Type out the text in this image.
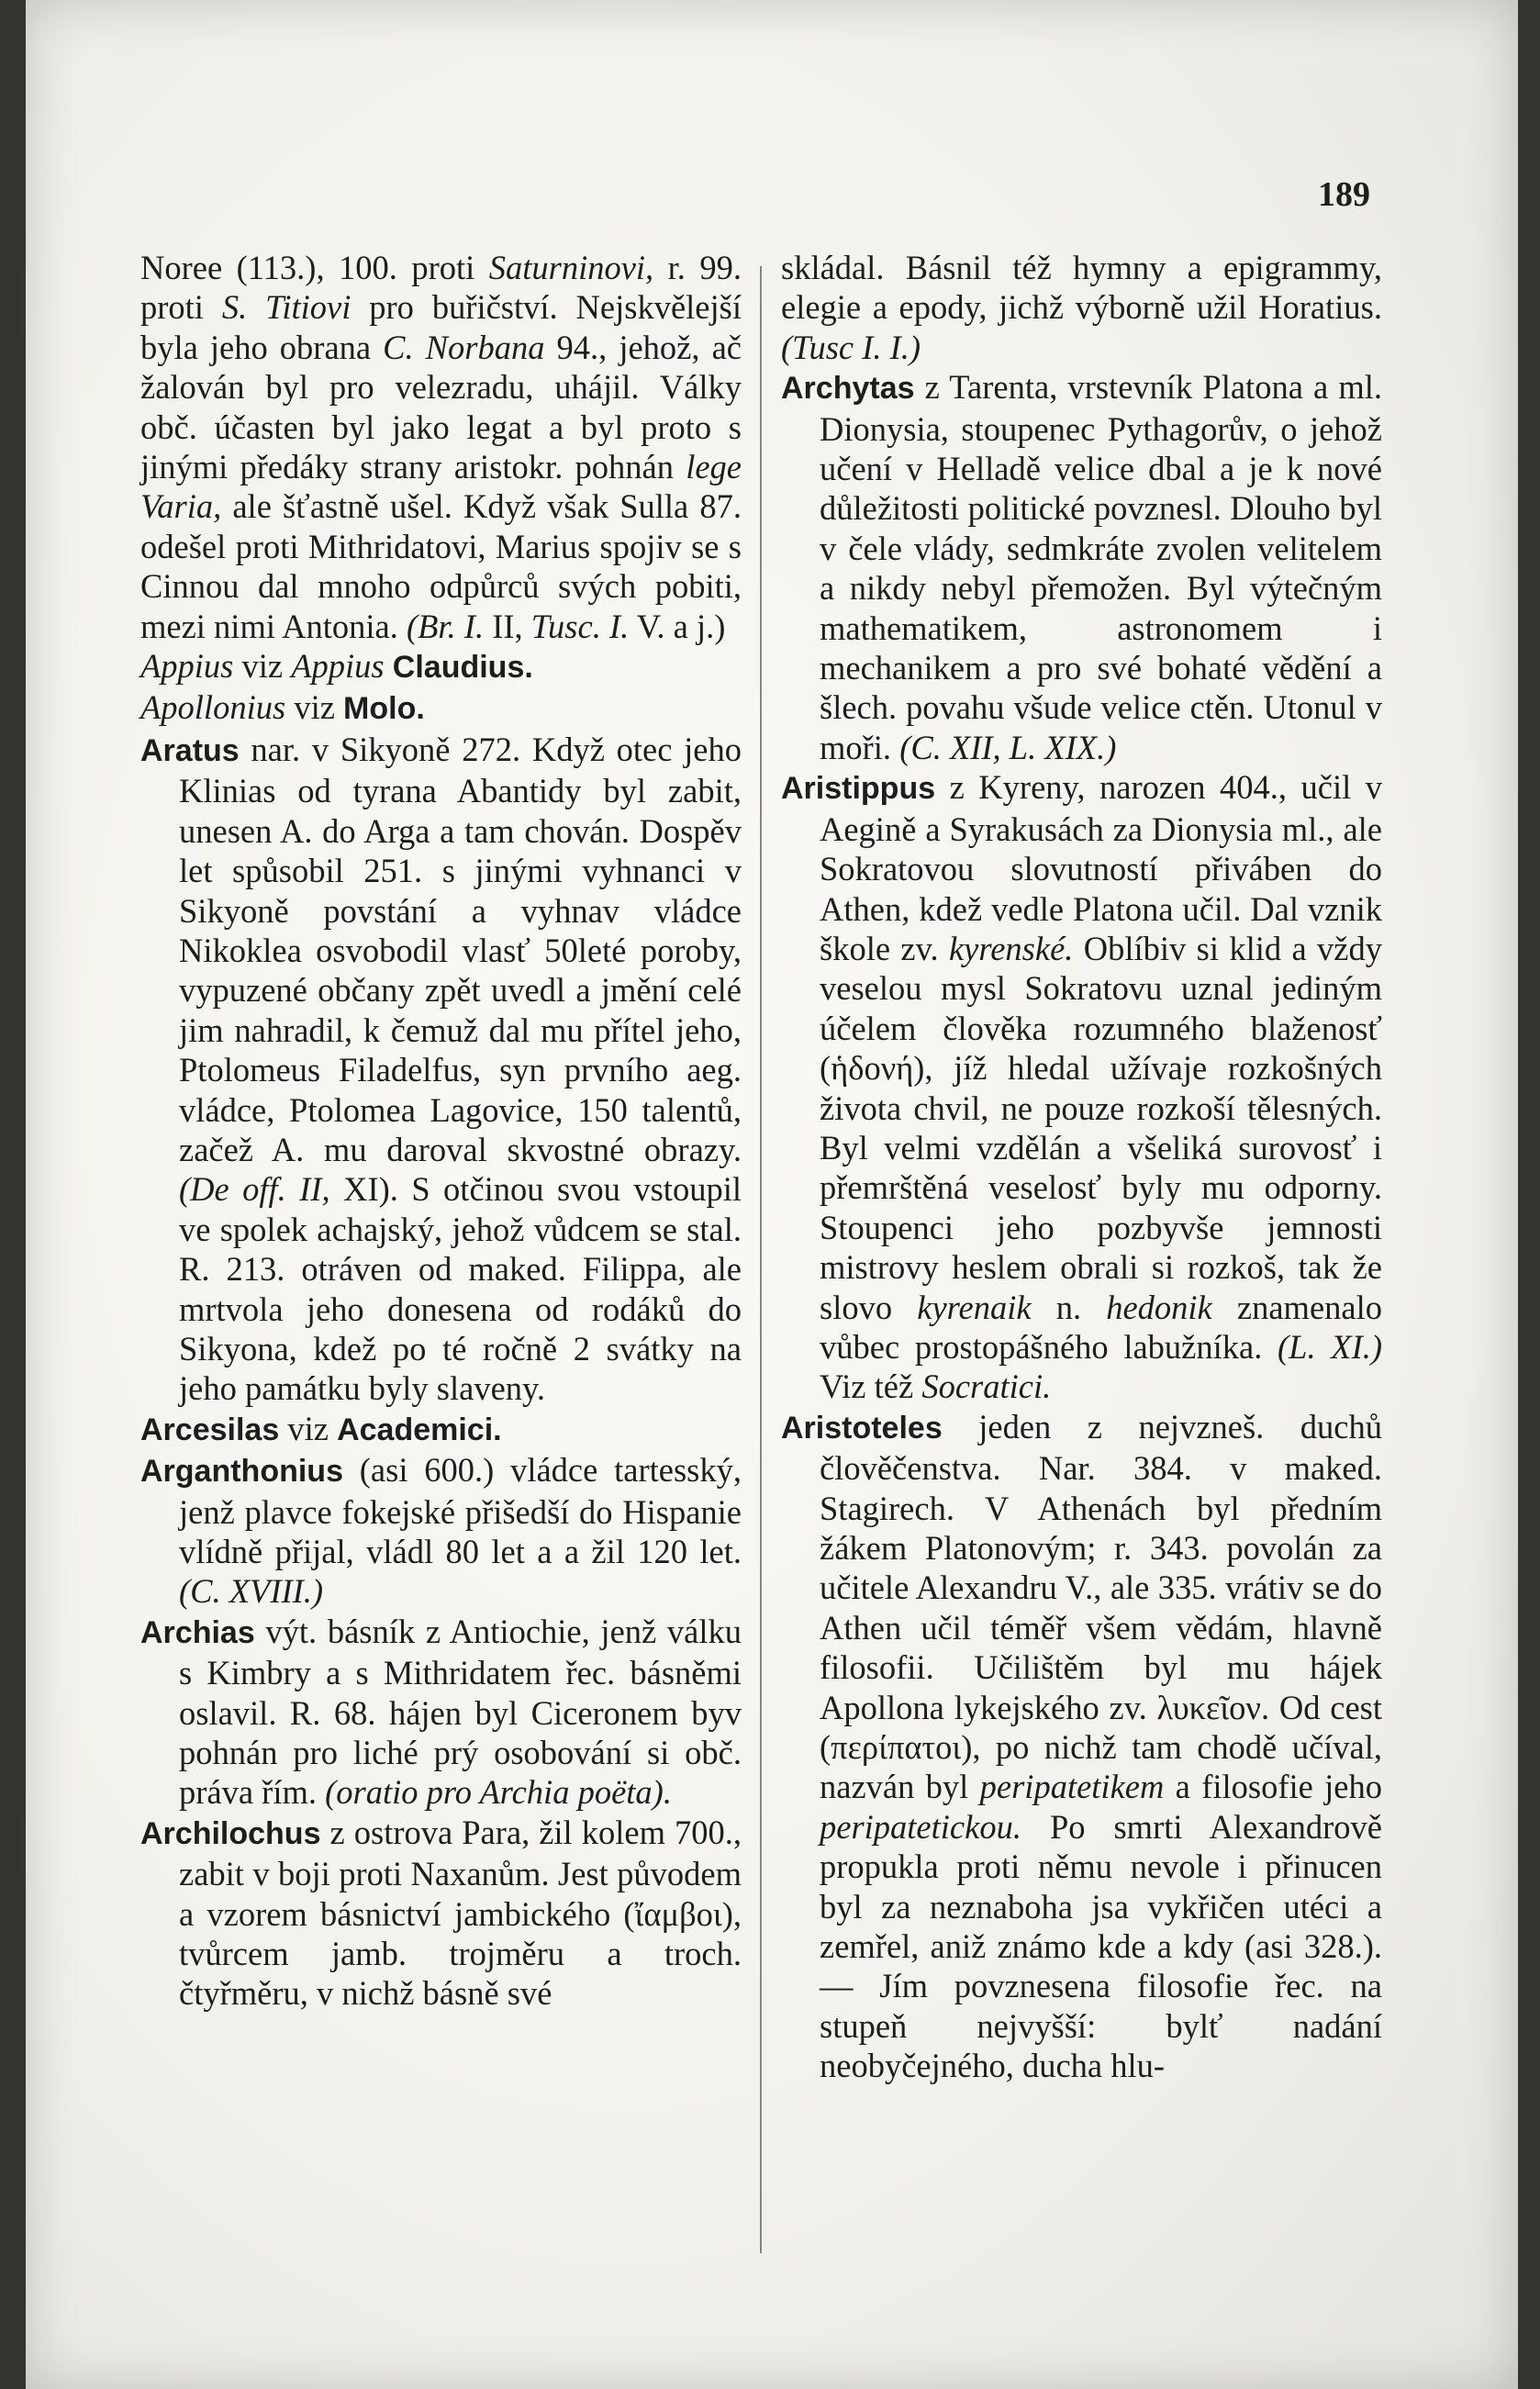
189

Noree (113.), 100. proti Saturninovi, r. 99. proti S. Titiovi pro buřičství. Nejskvělejší byla jeho obrana C. Norbana 94., jehož, ač žalován byl pro velezradu, uhájil. Války obč. účasten byl jako legat a byl proto s jinými předáky strany aristokr. pohnán lege Varia, ale šťastně ušel. Když však Sulla 87. odešel proti Mithridatovi, Marius spojiv se s Cinnou dal mnoho odpůrců svých pobiti, mezi nimi Antonia. (Br. I. II, Tusc. I. V. a j.)

Appius viz Appius Claudius.

Apollonius viz Molo.

Aratus nar. v Sikyoně 272. Když otec jeho Klinias od tyrana Abantidy byl zabit, unesen A. do Arga a tam chován. Dospěv let spůsobil 251. s jinými vyhnanci v Sikyoně povstání a vyhnav vládce Nikoklea osvobodil vlasť 50leté poroby, vypuzené občany zpět uvedl a jmění celé jim nahradil, k čemuž dal mu přítel jeho, Ptolomeus Filadelfus, syn prvního aeg. vládce, Ptolomea Lagovice, 150 talentů, začež A. mu daroval skvostné obrazy. (De off. II, XI). S otčinou svou vstoupil ve spolek achajský, jehož vůdcem se stal. R. 213. otráven od maked. Filippa, ale mrtvola jeho donesena od rodáků do Sikyona, kdež po té ročně 2 svátky na jeho památku byly slaveny.

Arcesilas viz Academici.

Arganthonius (asi 600.) vládce tartesský, jenž plavce fokejské přišedší do Hispanie vlídně přijal, vládl 80 let a a žil 120 let. (C. XVIII.)

Archias výt. básník z Antiochie, jenž válku s Kimbry a s Mithridatem řec. básněmi oslavil. R. 68. hájen byl Ciceronem byv pohnán pro liché prý osobování si obč. práva řím. (oratio pro Archia poëta).

Archilochus z ostrova Para, žil kolem 700., zabit v boji proti Naxanům. Jest původem a vzorem básnictví jambického (ἴαμβοι), tvůrcem jamb. trojměru a troch. čtyřměru, v nichž básně své

skládal. Básnil též hymny a epigrammy, elegie a epody, jichž výborně užil Horatius. (Tusc I. I.)

Archytas z Tarenta, vrstevník Platona a ml. Dionysia, stoupenec Pythagorův, o jehož učení v Helladě velice dbal a je k nové důležitosti politické povznesl. Dlouho byl v čele vlády, sedmkráte zvolen velitelem a nikdy nebyl přemožen. Byl výtečným mathematikem, astronomem i mechanikem a pro své bohaté vědění a šlech. povahu všude velice ctěn. Utonul v moři. (C. XII, L. XIX.)

Aristippus z Kyreny, narozen 404., učil v Aegině a Syrakusách za Dionysia ml., ale Sokratovou slovutností přivábеn do Athen, kdež vedle Platona učil. Dal vznik škole zv. kyrenské. Oblíbiv si klid a vždy veselou mysl Sokratovu uznal jediným účelem člověka rozumného blaženosť (ἡδονή), jíž hledal užívaje rozkošných života chvil, ne pouze rozkoší tělesných. Byl velmi vzdělán a všeliká surovosť i přemrštěná veselosť byly mu odporny. Stoupenci jeho pozbyvše jemnosti mistrovy heslem obrali si rozkoš, tak že slovo kyrenaik n. hedonik znamenalo vůbec prostopášného labužníka. (L. XI.) Viz též Socratici.

Aristoteles jeden z nejvzneš. duchů člověčenstva. Nar. 384. v maked. Stagirech. V Athenách byl předním žákem Platonovým; r. 343. povolán za učitele Alexandru V., ale 335. vrátiv se do Athen učil téměř všem vědám, hlavně filosofii. Učilištěm byl mu hájek Apollona lykejského zv. λυκεῖον. Od cest (περίπατοι), po nichž tam chodě učíval, nazván byl peripatetikem a filosofie jeho peripatetickou. Po smrti Alexandrově propukla proti němu nevole i přinucen byl za neznaboha jsa vykřičen utéci a zemřel, aniž známo kde a kdy (asi 328.). — Jím povznesena filosofie řec. na stupeň nejvyšší: bylť nadání neobyčejného, ducha hlu-
